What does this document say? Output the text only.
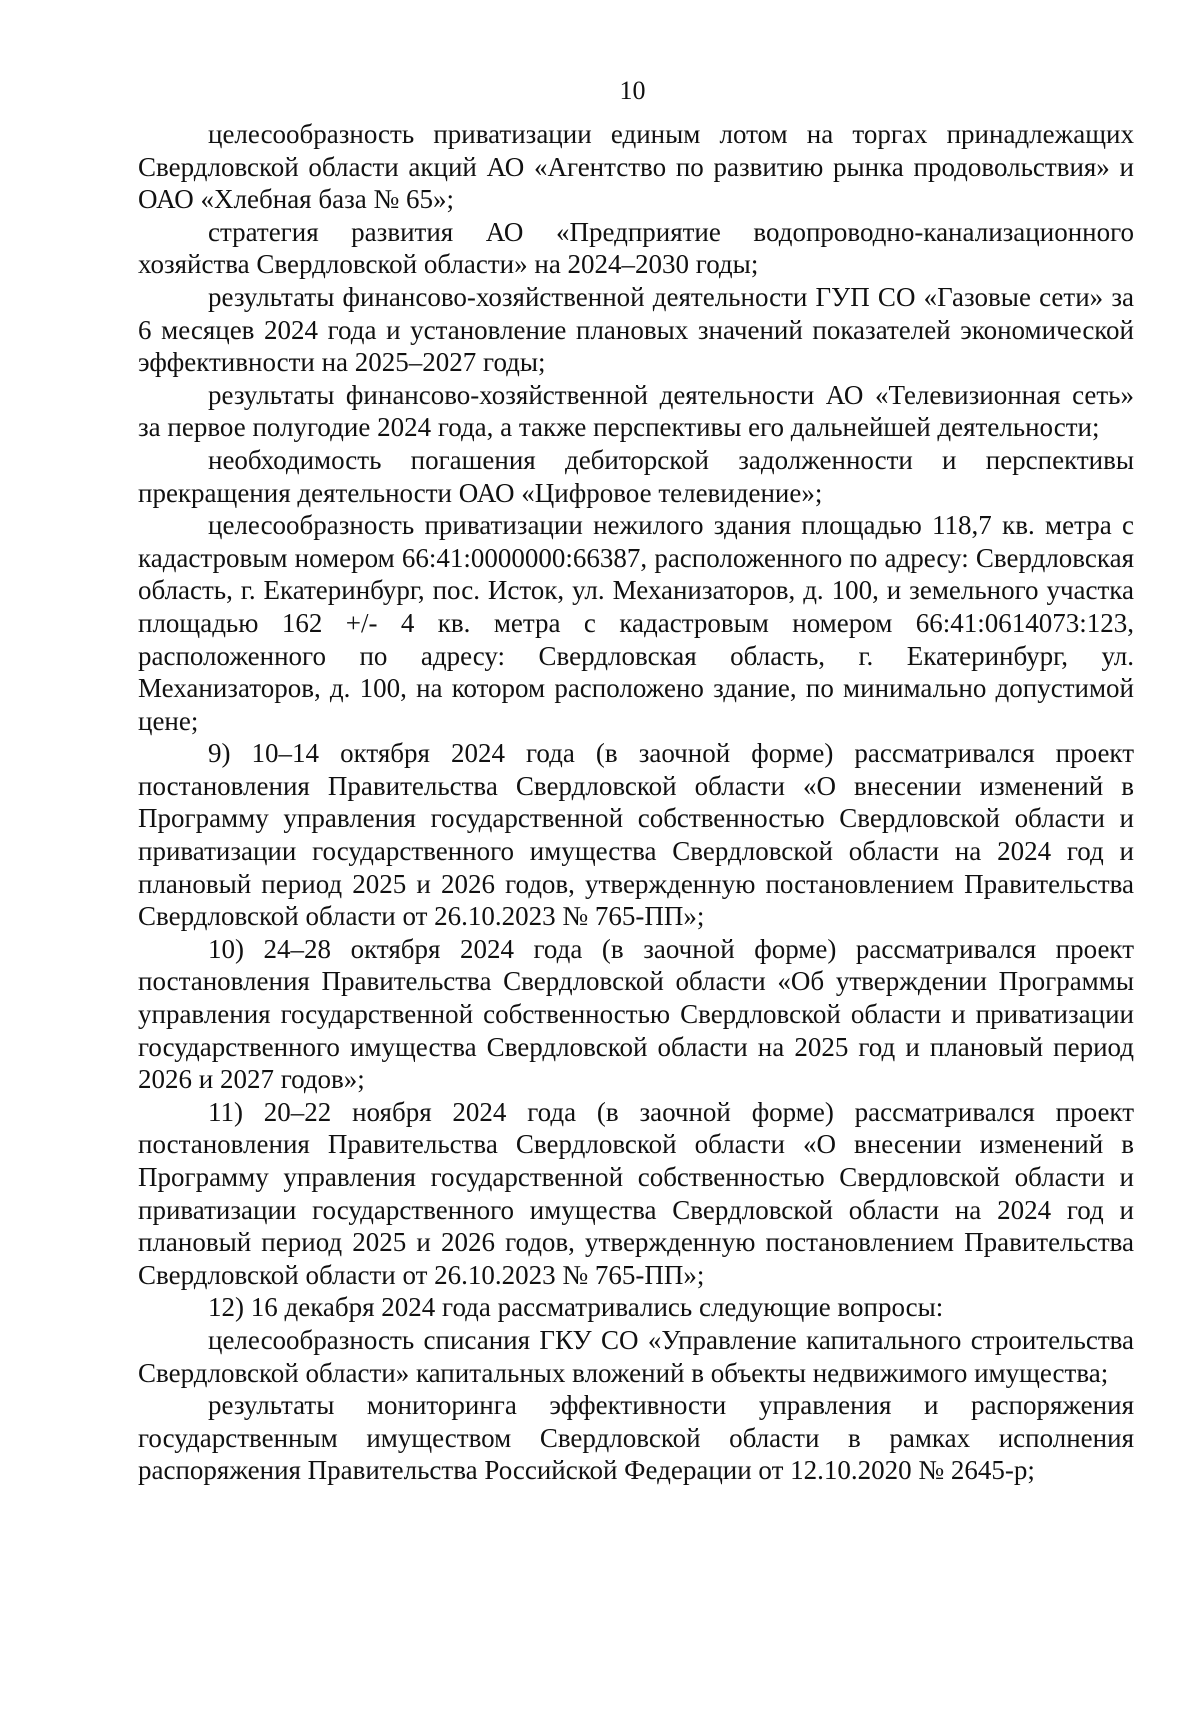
10

целесообразность приватизации единым лотом на торгах принадлежащих Свердловской области акций АО «Агентство по развитию рынка продовольствия» и ОАО «Хлебная база № 65»;

стратегия развития АО «Предприятие водопроводно-канализационного хозяйства Свердловской области» на 2024–2030 годы;

результаты финансово-хозяйственной деятельности ГУП СО «Газовые сети» за 6 месяцев 2024 года и установление плановых значений показателей экономической эффективности на 2025–2027 годы;

результаты финансово-хозяйственной деятельности АО «Телевизионная сеть» за первое полугодие 2024 года, а также перспективы его дальнейшей деятельности;

необходимость погашения дебиторской задолженности и перспективы прекращения деятельности ОАО «Цифровое телевидение»;

целесообразность приватизации нежилого здания площадью 118,7 кв. метра с кадастровым номером 66:41:0000000:66387, расположенного по адресу: Свердловская область, г. Екатеринбург, пос. Исток, ул. Механизаторов, д. 100, и земельного участка площадью 162 +/- 4 кв. метра с кадастровым номером 66:41:0614073:123, расположенного по адресу: Свердловская область, г. Екатеринбург, ул. Механизаторов, д. 100, на котором расположено здание, по минимально допустимой цене;

9) 10–14 октября 2024 года (в заочной форме) рассматривался проект постановления Правительства Свердловской области «О внесении изменений в Программу управления государственной собственностью Свердловской области и приватизации государственного имущества Свердловской области на 2024 год и плановый период 2025 и 2026 годов, утвержденную постановлением Правительства Свердловской области от 26.10.2023 № 765-ПП»;

10) 24–28 октября 2024 года (в заочной форме) рассматривался проект постановления Правительства Свердловской области «Об утверждении Программы управления государственной собственностью Свердловской области и приватизации государственного имущества Свердловской области на 2025 год и плановый период 2026 и 2027 годов»;

11) 20–22 ноября 2024 года (в заочной форме) рассматривался проект постановления Правительства Свердловской области «О внесении изменений в Программу управления государственной собственностью Свердловской области и приватизации государственного имущества Свердловской области на 2024 год и плановый период 2025 и 2026 годов, утвержденную постановлением Правительства Свердловской области от 26.10.2023 № 765-ПП»;

12) 16 декабря 2024 года рассматривались следующие вопросы:

целесообразность списания ГКУ СО «Управление капитального строительства Свердловской области» капитальных вложений в объекты недвижимого имущества;

результаты мониторинга эффективности управления и распоряжения государственным имуществом Свердловской области в рамках исполнения распоряжения Правительства Российской Федерации от 12.10.2020 № 2645-р;
